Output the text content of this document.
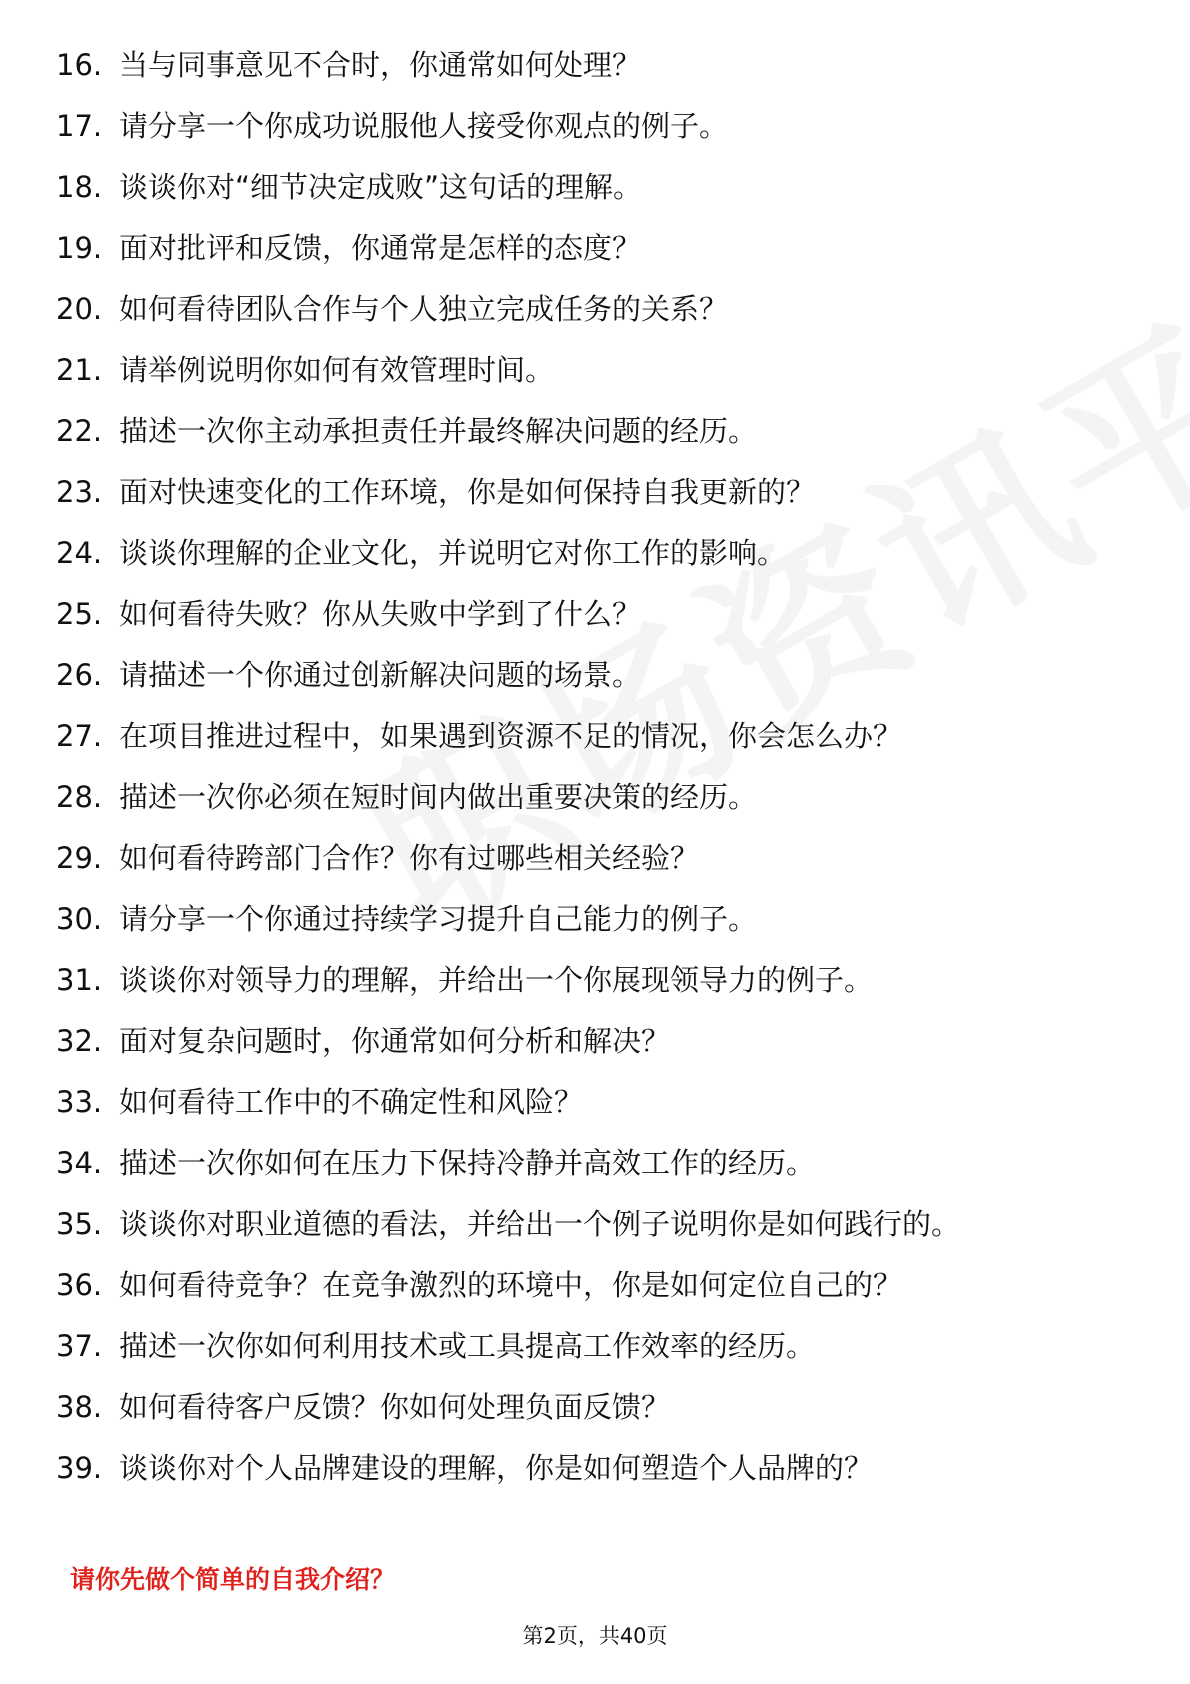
16. 当与同事意见不合时，你通常如何处理？
17. 请分享一个你成功说服他人接受你观点的例子。
18. 谈谈你对“细节决定成败”这句话的理解。
19. 面对批评和反馈，你通常是怎样的态度？
20. 如何看待团队合作与个人独立完成任务的关系？
21. 请举例说明你如何有效管理时间。
22. 描述一次你主动承担责任并最终解决问题的经历。
23. 面对快速变化的工作环境，你是如何保持自我更新的？
24. 谈谈你理解的企业文化，并说明它对你工作的影响。
25. 如何看待失败？你从失败中学到了什么？
26. 请描述一个你通过创新解决问题的场景。
27. 在项目推进过程中，如果遇到资源不足的情况，你会怎么办？
28. 描述一次你必须在短时间内做出重要决策的经历。
29. 如何看待跨部门合作？你有过哪些相关经验？
30. 请分享一个你通过持续学习提升自己能力的例子。
31. 谈谈你对领导力的理解，并给出一个你展现领导力的例子。
32. 面对复杂问题时，你通常如何分析和解决？
33. 如何看待工作中的不确定性和风险？
34. 描述一次你如何在压力下保持冷静并高效工作的经历。
35. 谈谈你对职业道德的看法，并给出一个例子说明你是如何践行的。
36. 如何看待竞争？在竞争激烈的环境中，你是如何定位自己的？
37. 描述一次你如何利用技术或工具提高工作效率的经历。
38. 如何看待客户反馈？你如何处理负面反馈？
39. 谈谈你对个人品牌建设的理解，你是如何塑造个人品牌的？
请你先做个简单的自我介绍？
第2页，共40页
